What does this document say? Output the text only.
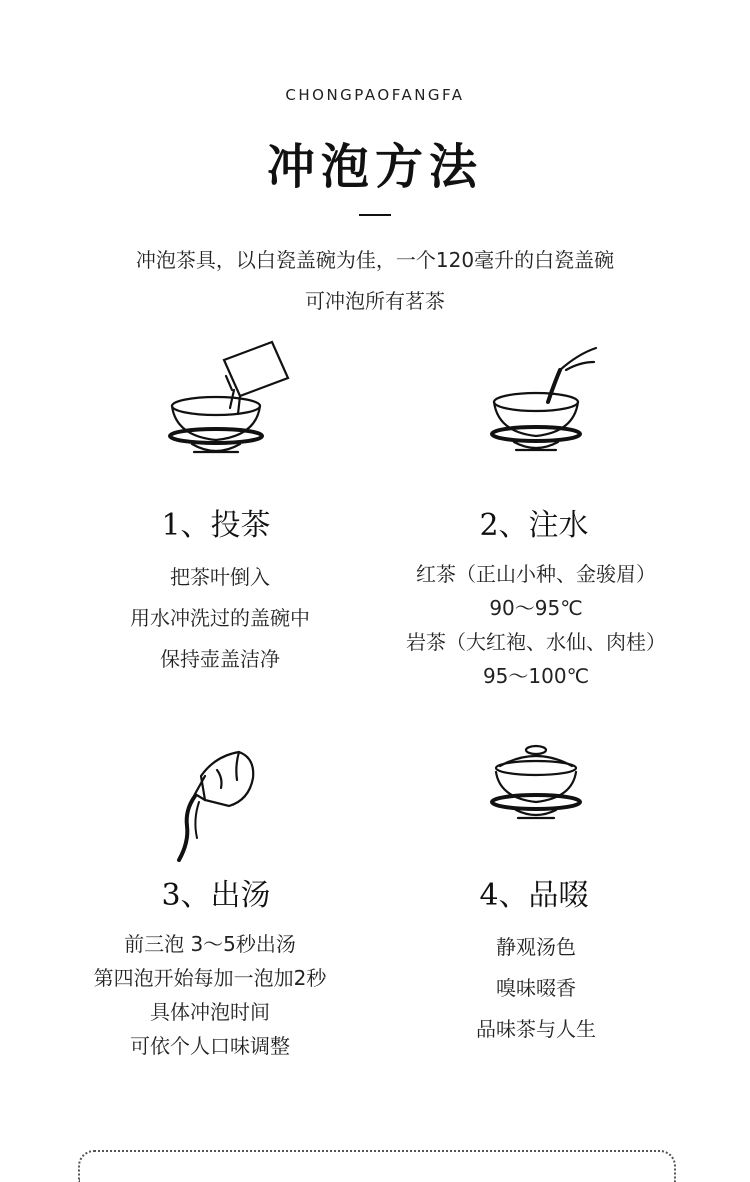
CHONGPAOFANGFA
冲泡方法
冲泡茶具，以白瓷盖碗为佳，一个120毫升的白瓷盖碗
可冲泡所有茗茶
1、投茶
把茶叶倒入
用水冲洗过的盖碗中
保持壶盖洁净
2、注水
红茶（正山小种、金骏眉）
90～95℃
岩茶（大红袍、水仙、肉桂）
95～100℃
3、出汤
前三泡 3～5秒出汤
第四泡开始每加一泡加2秒
具体冲泡时间
可依个人口味调整
4、品啜
静观汤色
嗅味啜香
品味茶与人生
